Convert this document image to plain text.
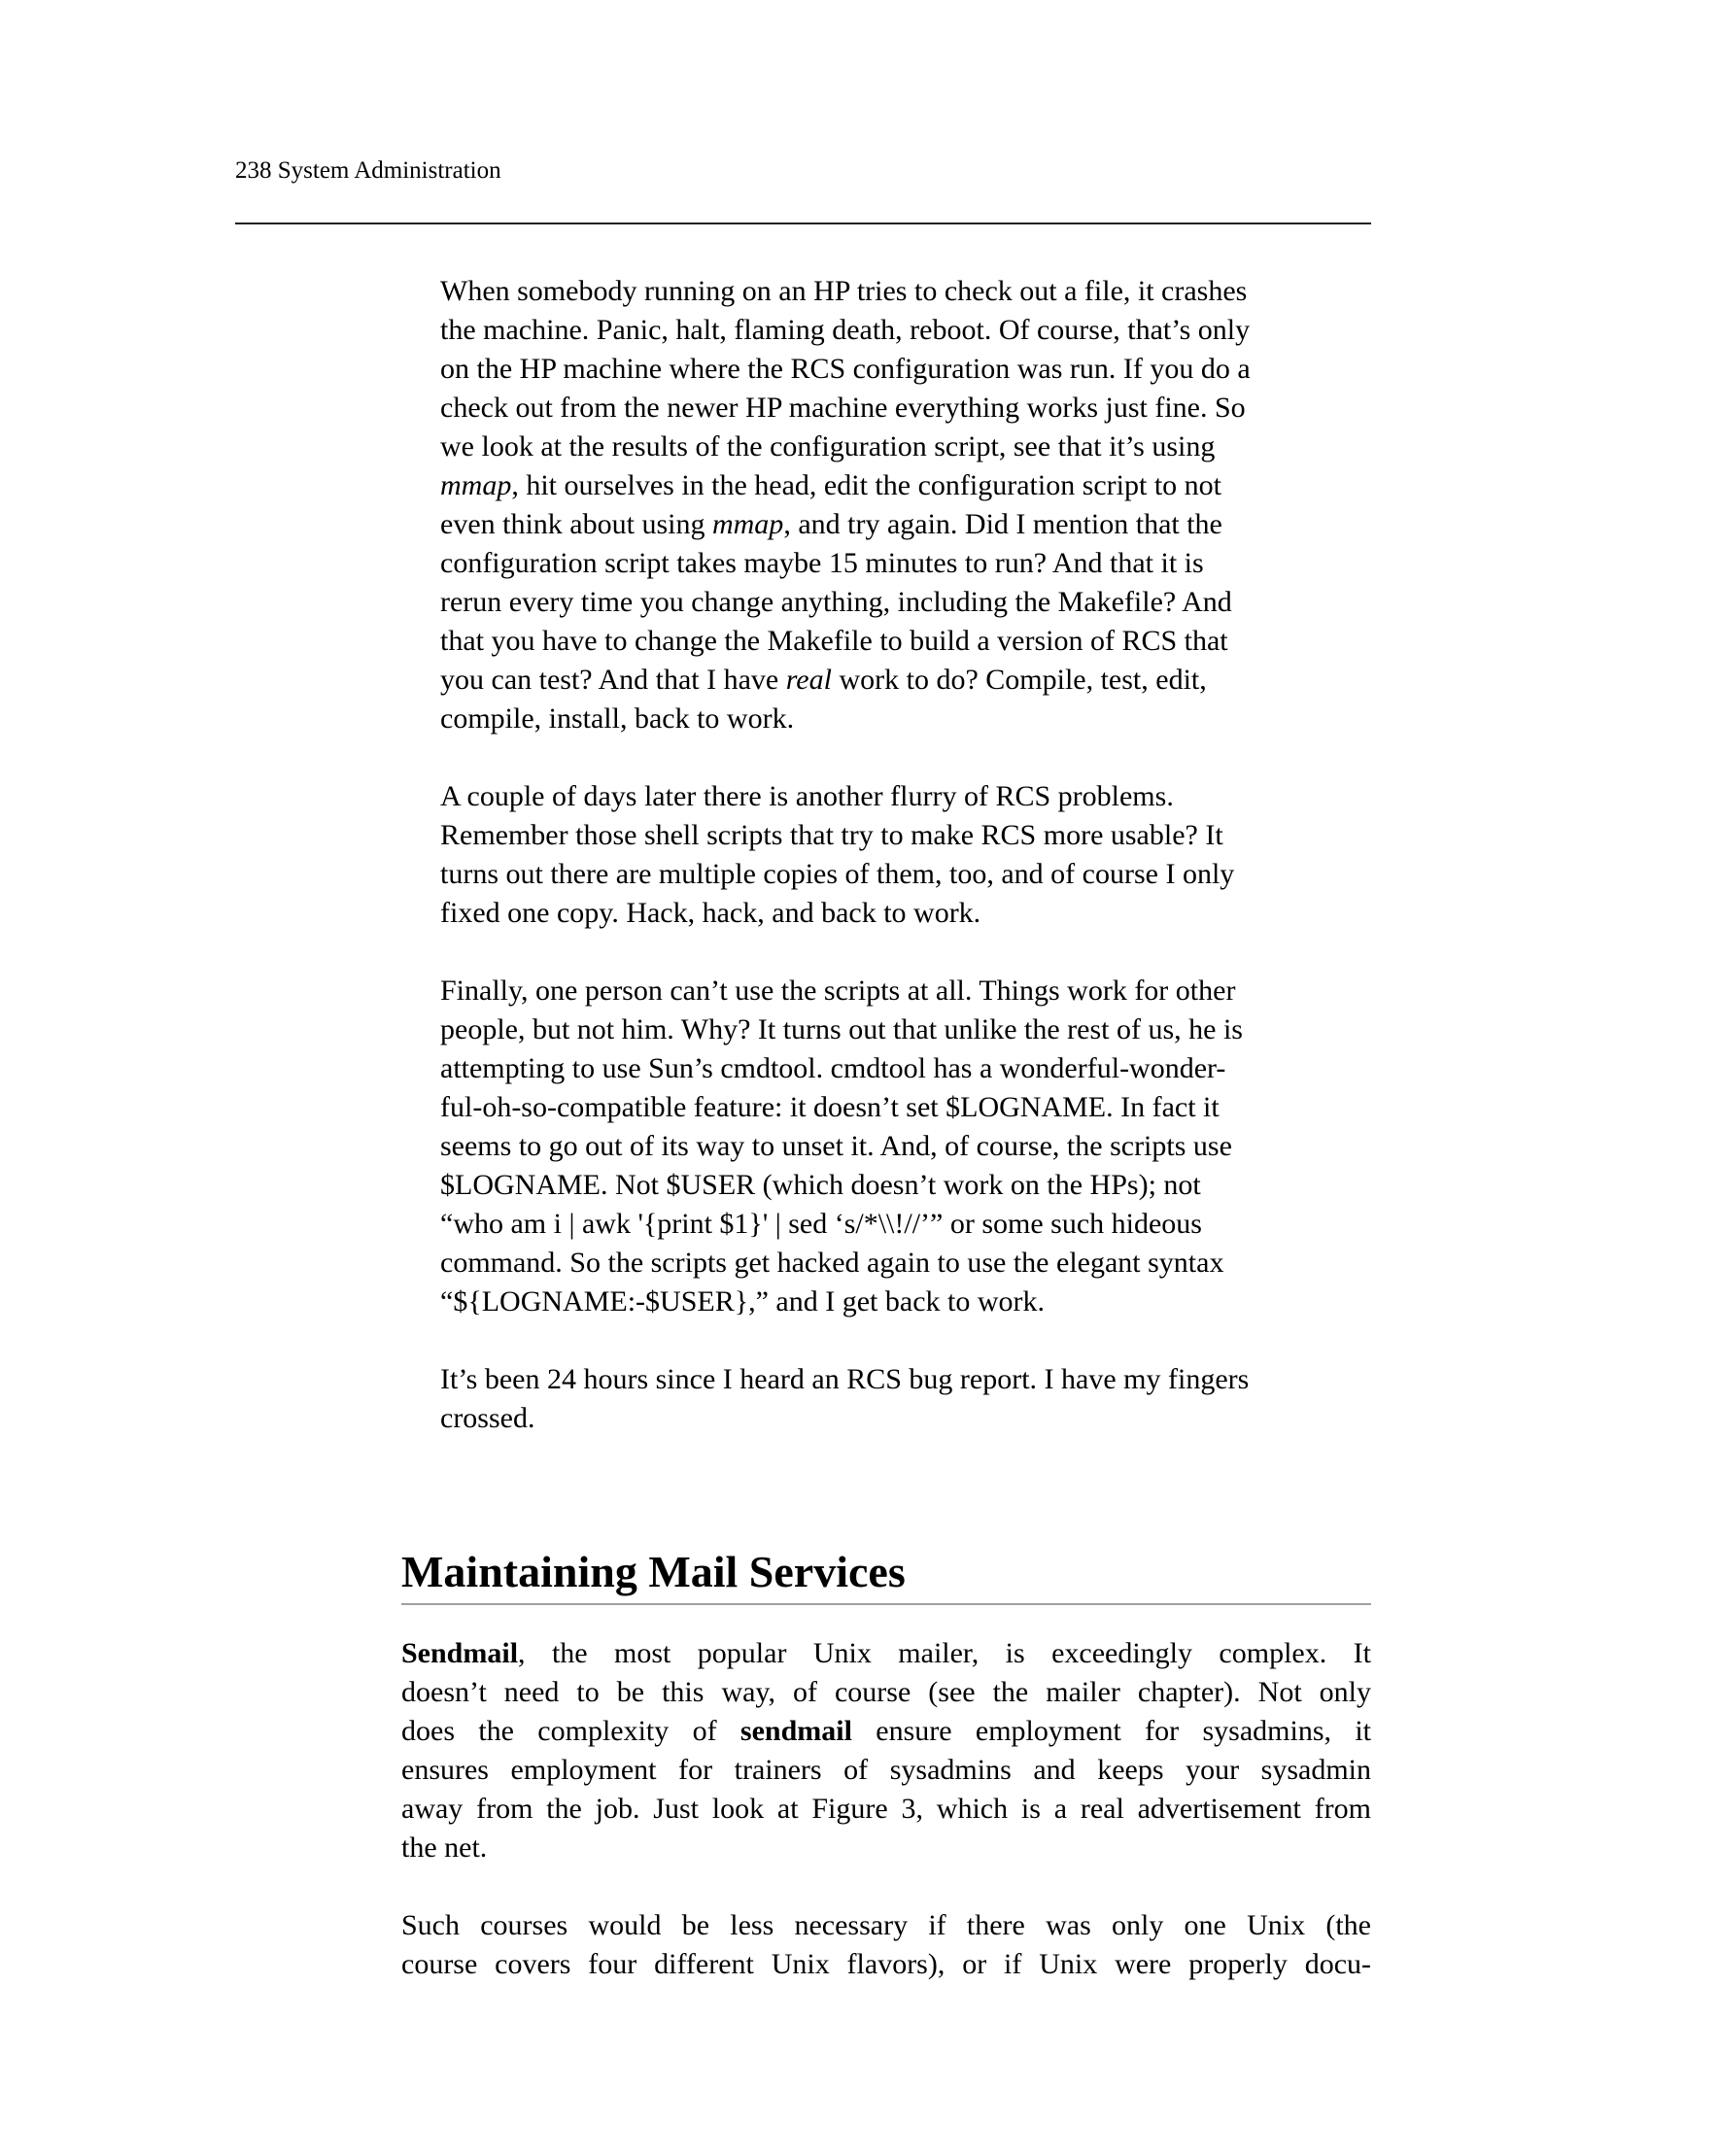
238 System Administration

When somebody running on an HP tries to check out a file, it crashes
the machine. Panic, halt, flaming death, reboot. Of course, that’s only
on the HP machine where the RCS configuration was run. If you do a
check out from the newer HP machine everything works just fine. So
we look at the results of the configuration script, see that it’s using
mmap, hit ourselves in the head, edit the configuration script to not
even think about using mmap, and try again. Did I mention that the
configuration script takes maybe 15 minutes to run? And that it is
rerun every time you change anything, including the Makefile? And
that you have to change the Makefile to build a version of RCS that
you can test? And that I have real work to do? Compile, test, edit,
compile, install, back to work.

A couple of days later there is another flurry of RCS problems.
Remember those shell scripts that try to make RCS more usable? It
turns out there are multiple copies of them, too, and of course I only
fixed one copy. Hack, hack, and back to work.

Finally, one person can’t use the scripts at all. Things work for other
people, but not him. Why? It turns out that unlike the rest of us, he is
attempting to use Sun’s cmdtool. cmdtool has a wonderful-wonder-
ful-oh-so-compatible feature: it doesn’t set $LOGNAME. In fact it
seems to go out of its way to unset it. And, of course, the scripts use
$LOGNAME. Not $USER (which doesn’t work on the HPs); not
“who am i | awk '{print $1}' | sed ‘s/*\\!//’” or some such hideous
command. So the scripts get hacked again to use the elegant syntax
“${LOGNAME:-$USER},” and I get back to work.

It’s been 24 hours since I heard an RCS bug report. I have my fingers
crossed.

Maintaining Mail Services

Sendmail, the most popular Unix mailer, is exceedingly complex. It
doesn’t need to be this way, of course (see the mailer chapter). Not only
does the complexity of sendmail ensure employment for sysadmins, it
ensures employment for trainers of sysadmins and keeps your sysadmin
away from the job. Just look at Figure 3, which is a real advertisement from
the net.

Such courses would be less necessary if there was only one Unix (the
course covers four different Unix flavors), or if Unix were properly docu-
